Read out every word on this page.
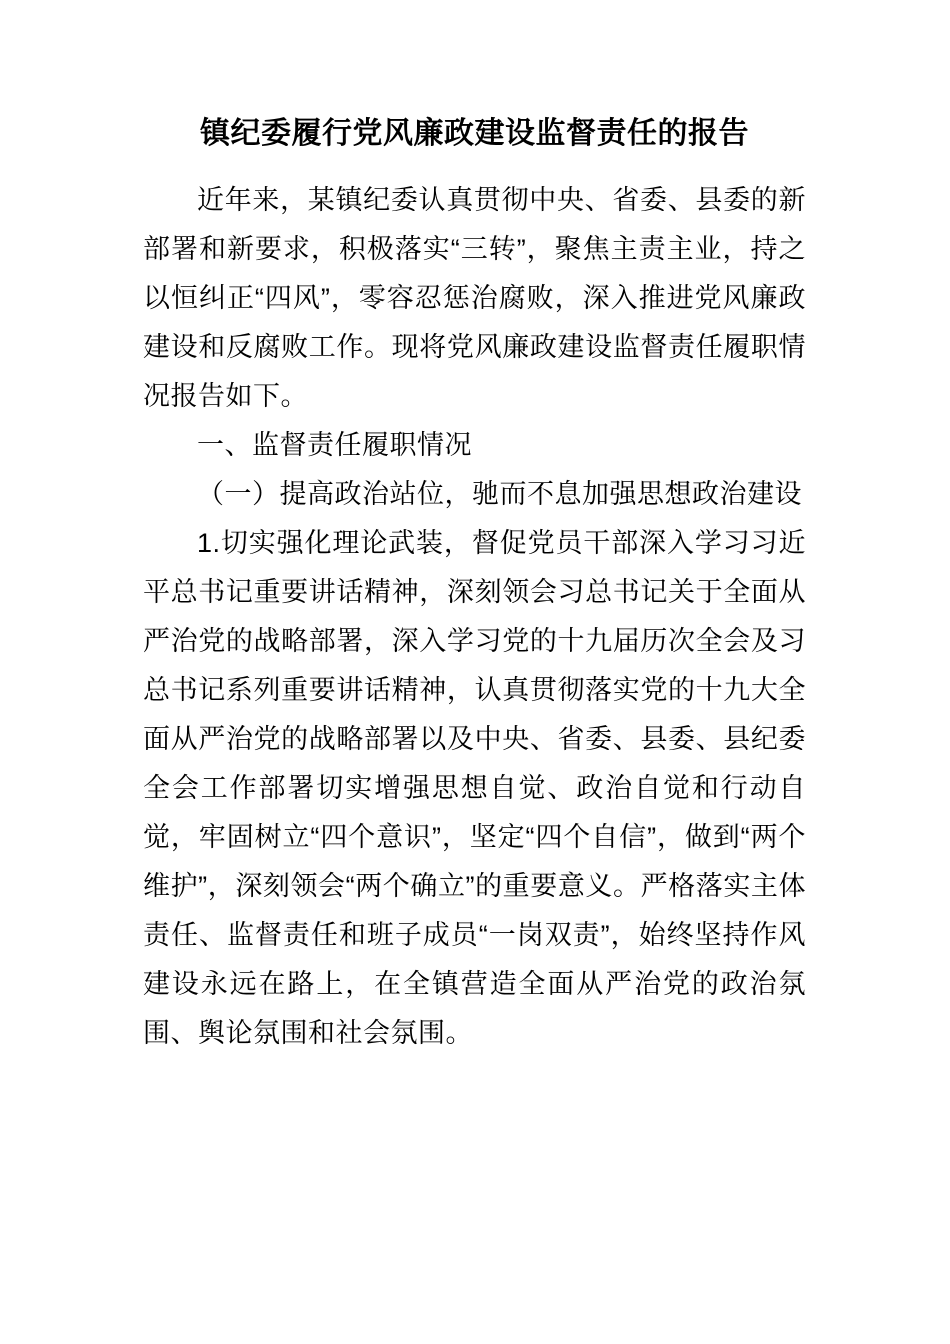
镇纪委履行党风廉政建设监督责任的报告

近年来，某镇纪委认真贯彻中央、省委、县委的新部署和新要求，积极落实“三转”，聚焦主责主业，持之以恒纠正“四风”，零容忍惩治腐败，深入推进党风廉政建设和反腐败工作。现将党风廉政建设监督责任履职情况报告如下。

一、监督责任履职情况

（一）提高政治站位，驰而不息加强思想政治建设

1.切实强化理论武装，督促党员干部深入学习习近平总书记重要讲话精神，深刻领会习总书记关于全面从严治党的战略部署，深入学习党的十九届历次全会及习总书记系列重要讲话精神，认真贯彻落实党的十九大全面从严治党的战略部署以及中央、省委、县委、县纪委全会工作部署切实增强思想自觉、政治自觉和行动自觉，牢固树立“四个意识”，坚定“四个自信”，做到“两个维护”，深刻领会“两个确立”的重要意义。严格落实主体责任、监督责任和班子成员“一岗双责”，始终坚持作风建设永远在路上，在全镇营造全面从严治党的政治氛围、舆论氛围和社会氛围。
